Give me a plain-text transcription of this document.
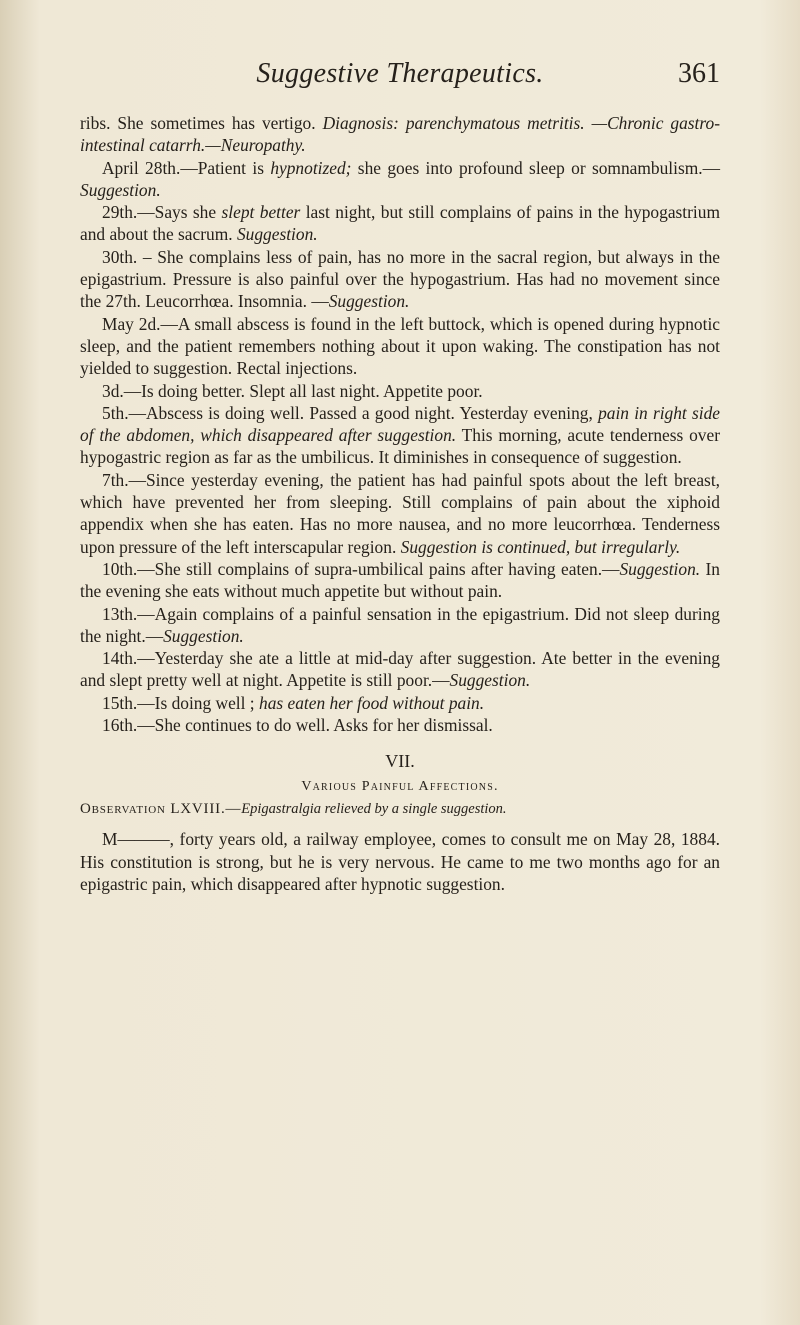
Suggestive Therapeutics.	361

ribs. She sometimes has vertigo. Diagnosis: parenchymatous metritis. —Chronic gastro-intestinal catarrh.—Neuropathy.

April 28th.—Patient is hypnotized; she goes into profound sleep or somnambulism.—Suggestion.

29th.—Says she slept better last night, but still complains of pains in the hypogastrium and about the sacrum. Suggestion.

30th. – She complains less of pain, has no more in the sacral region, but always in the epigastrium. Pressure is also painful over the hypogastrium. Has had no movement since the 27th. Leucorrhœa. Insomnia. —Suggestion.

May 2d.—A small abscess is found in the left buttock, which is opened during hypnotic sleep, and the patient remembers nothing about it upon waking. The constipation has not yielded to suggestion. Rectal injections.

3d.—Is doing better. Slept all last night. Appetite poor.

5th.—Abscess is doing well. Passed a good night. Yesterday evening, pain in right side of the abdomen, which disappeared after suggestion. This morning, acute tenderness over hypogastric region as far as the umbilicus. It diminishes in consequence of suggestion.

7th.—Since yesterday evening, the patient has had painful spots about the left breast, which have prevented her from sleeping. Still complains of pain about the xiphoid appendix when she has eaten. Has no more nausea, and no more leucorrhœa. Tenderness upon pressure of the left interscapular region. Suggestion is continued, but irregularly.

10th.—She still complains of supra-umbilical pains after having eaten.—Suggestion. In the evening she eats without much appetite but without pain.

13th.—Again complains of a painful sensation in the epigastrium. Did not sleep during the night.—Suggestion.

14th.—Yesterday she ate a little at mid-day after suggestion. Ate better in the evening and slept pretty well at night. Appetite is still poor.—Suggestion.

15th.—Is doing well ; has eaten her food without pain.

16th.—She continues to do well. Asks for her dismissal.

VII.
Various Painful Affections.

Observation LXVIII.—Epigastralgia relieved by a single suggestion.

M———, forty years old, a railway employee, comes to consult me on May 28, 1884. His constitution is strong, but he is very nervous. He came to me two months ago for an epigastric pain, which disappeared after hypnotic suggestion.
